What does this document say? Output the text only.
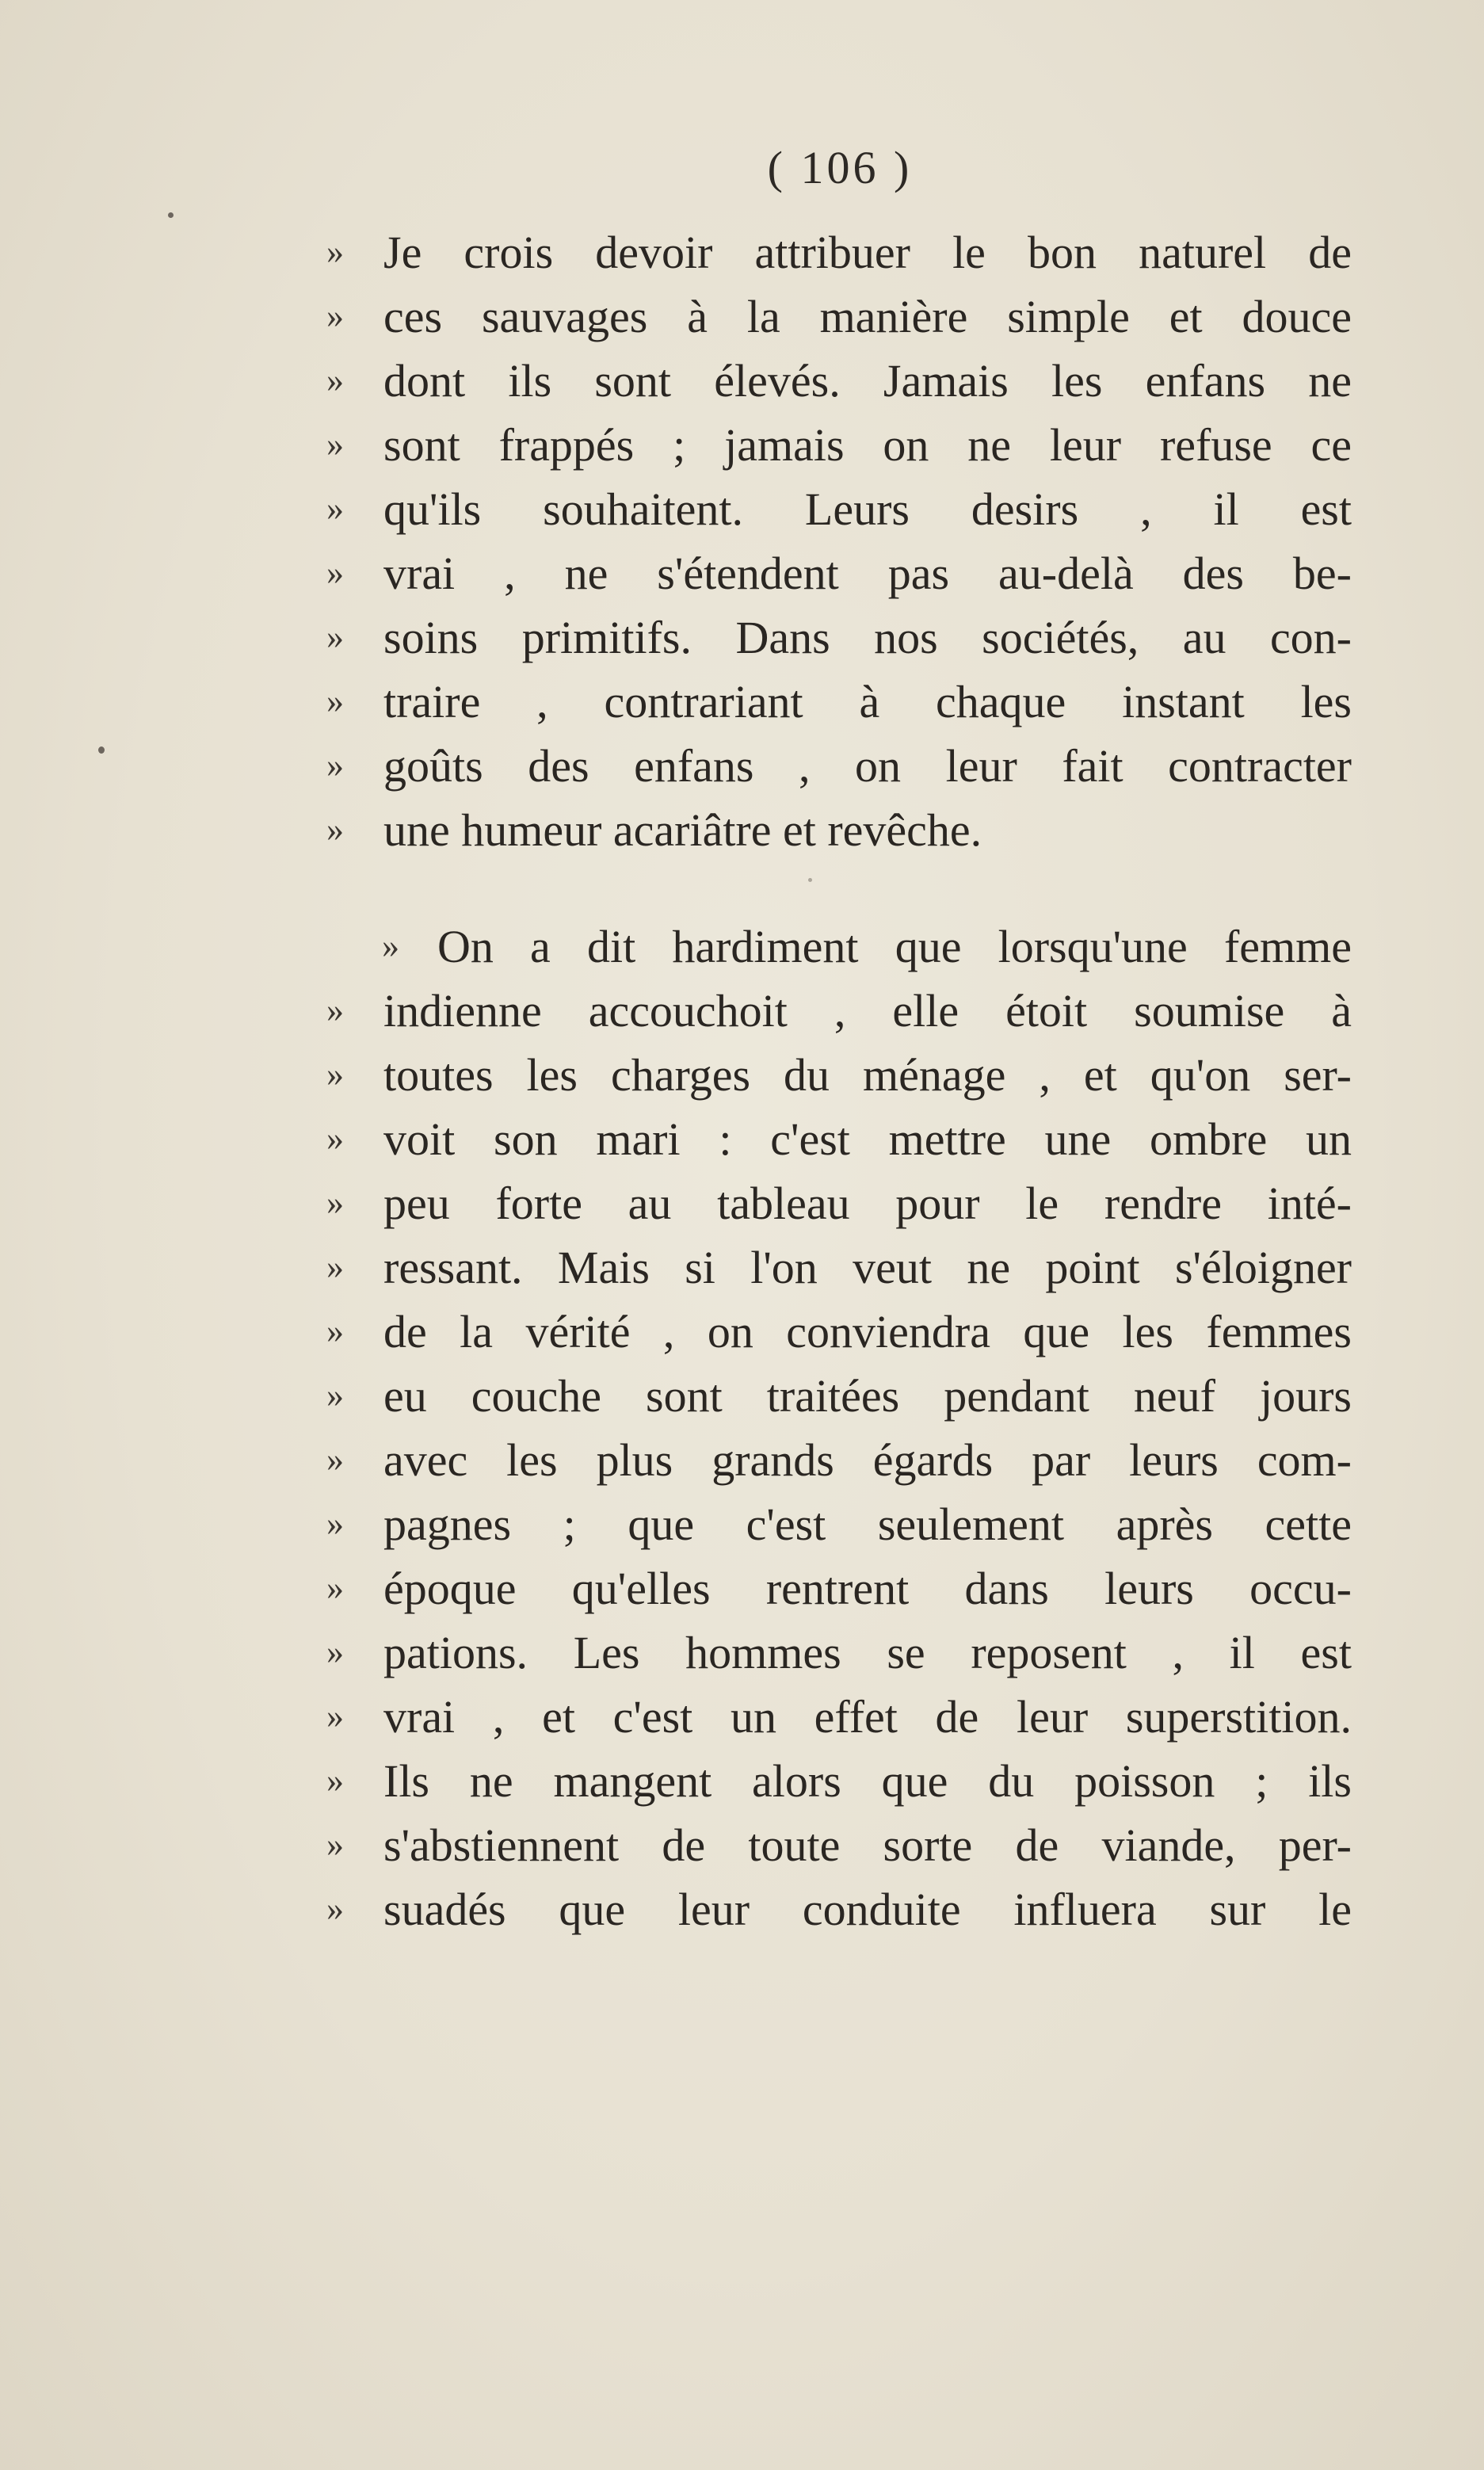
( 106 )
» Je crois devoir attribuer le bon naturel de
» ces sauvages à la manière simple et douce
» dont ils sont élevés. Jamais les enfans ne
» sont frappés ; jamais on ne leur refuse ce
» qu'ils souhaitent. Leurs desirs , il est
» vrai , ne s'étendent pas au-delà des be-
» soins primitifs. Dans nos sociétés, au con-
» traire , contrariant à chaque instant les
» goûts des enfans , on leur fait contracter
» une humeur acariâtre et revêche.
» On a dit hardiment que lorsqu'une femme
» indienne accouchoit , elle étoit soumise à
» toutes les charges du ménage , et qu'on ser-
» voit son mari : c'est mettre une ombre un
» peu forte au tableau pour le rendre inté-
» ressant. Mais si l'on veut ne point s'éloigner
» de la vérité , on conviendra que les femmes
» eu couche sont traitées pendant neuf jours
» avec les plus grands égards par leurs com-
» pagnes ; que c'est seulement après cette
» époque qu'elles rentrent dans leurs occu-
» pations. Les hommes se reposent , il est
» vrai , et c'est un effet de leur superstition.
» Ils ne mangent alors que du poisson ; ils
» s'abstiennent de toute sorte de viande, per-
» suadés que leur conduite influera sur le
